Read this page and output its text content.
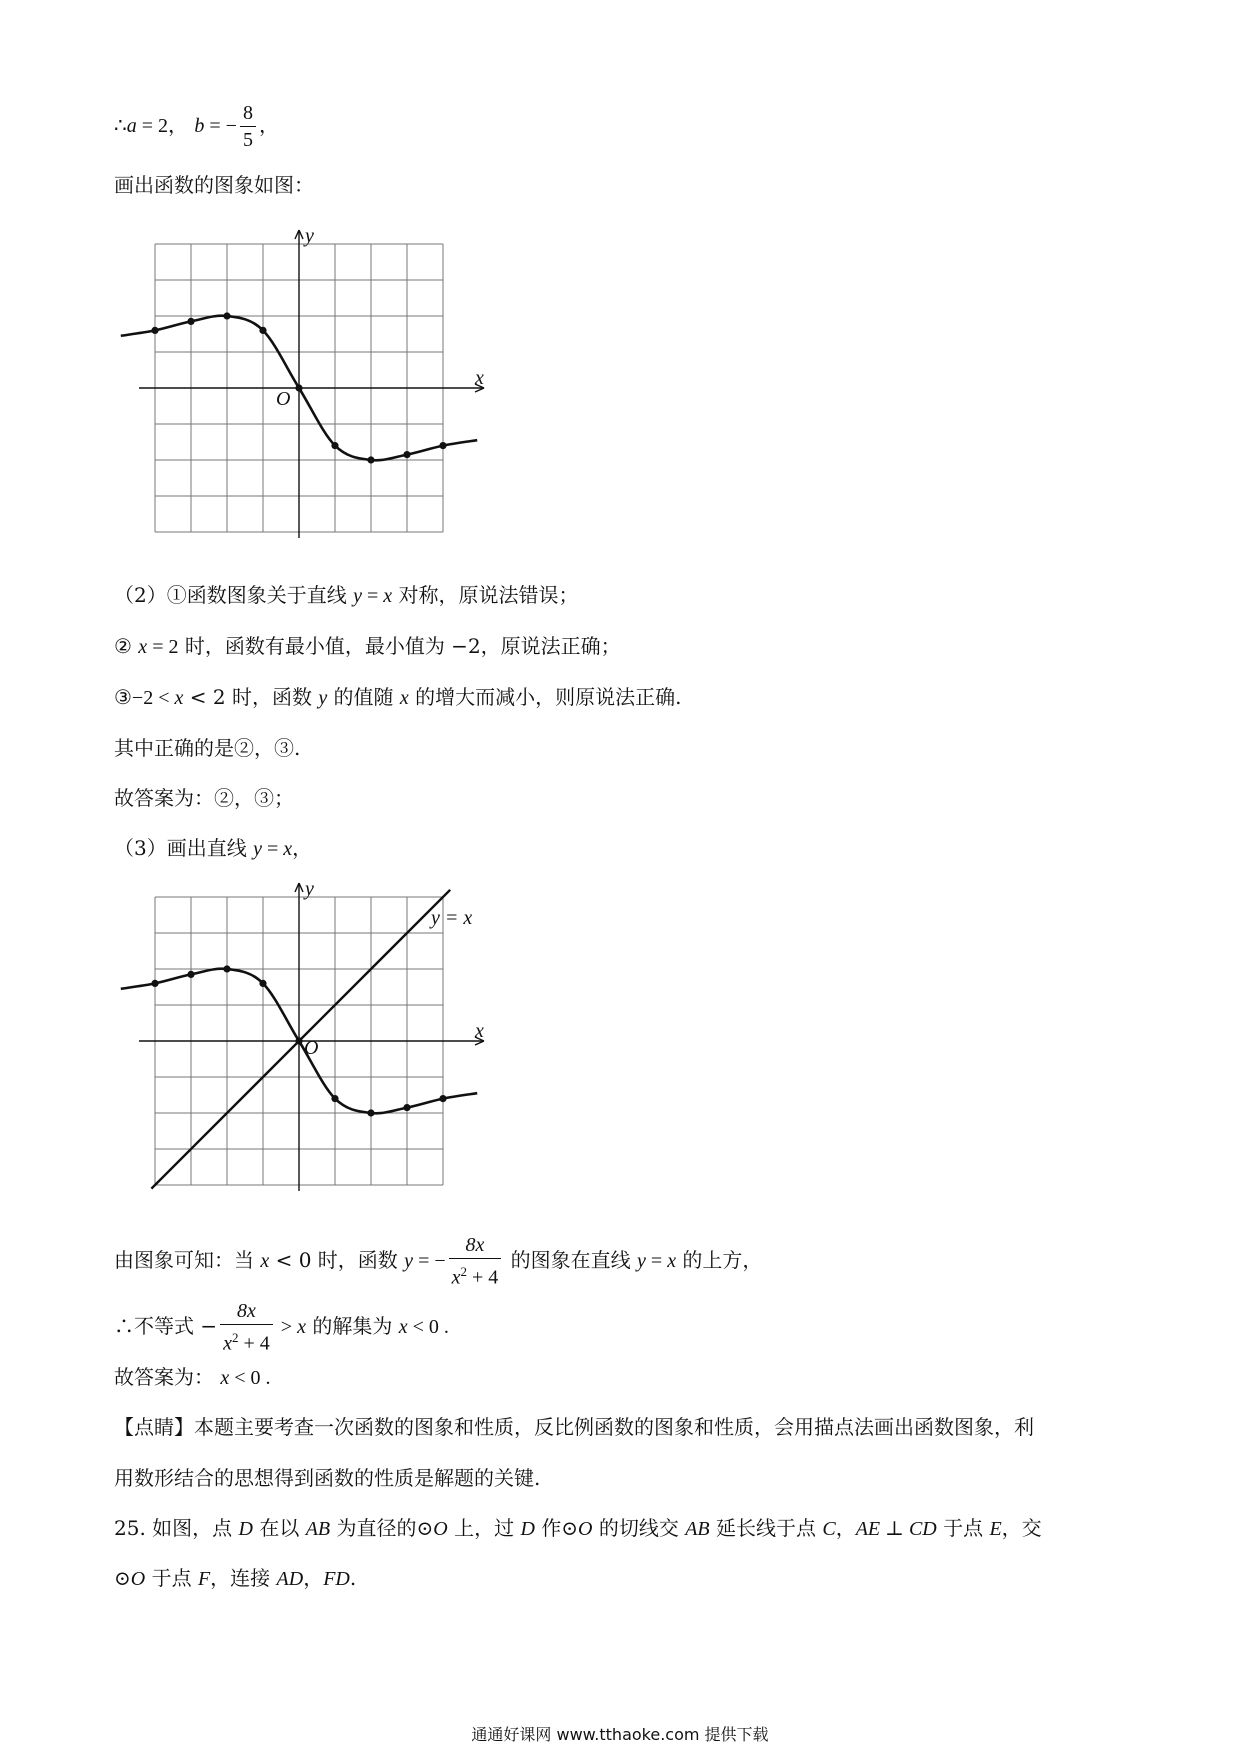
∴a = 2， b = − $\frac{8}{5}$ ，
画出函数的图象如图：
x
y
O
（2）①函数图象关于直线 y = x 对称，原说法错误；
② x = 2 时，函数有最小值，最小值为 −2，原说法正确；
③−2 < x < 2 时，函数 y 的值随 x 的增大而减小，则原说法正确.
其中正确的是②，③.
故答案为：②，③；
（3）画出直线 y = x，
x
y
O
y = x
由图象可知：当 x < 0 时，函数 y = − $\frac{8x}{x^2 + 4}$ 的图象在直线 y = x 的上方，
∴不等式 − $\frac{8x}{x^2 + 4} > x$ 的解集为 x < 0 .
故答案为： x < 0 .
【点睛】本题主要考查一次函数的图象和性质，反比例函数的图象和性质，会用描点法画出函数图象，利
用数形结合的思想得到函数的性质是解题的关键.
25. 如图，点 D 在以 AB 为直径的⊙O 上，过 D 作⊙O 的切线交 AB 延长线于点 C，AE ⊥ CD 于点 E，交
⊙O 于点 F，连接 AD，FD.
通通好课网 www.tthaoke.com 提供下载
